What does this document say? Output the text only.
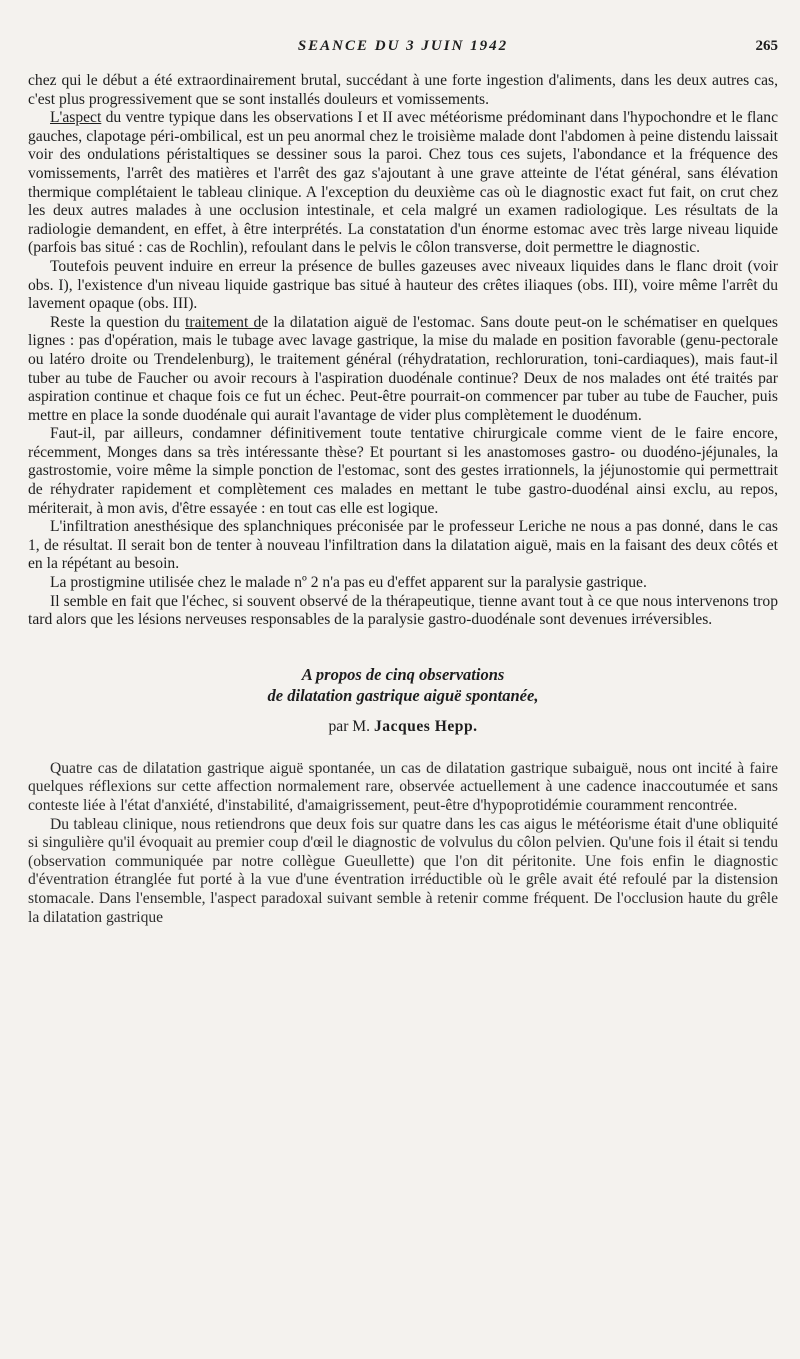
SEANCE DU 3 JUIN 1942	265

chez qui le début a été extraordinairement brutal, succédant à une forte ingestion d'aliments, dans les deux autres cas, c'est plus progressivement que se sont installés douleurs et vomissements.

L'aspect du ventre typique dans les observations I et II avec météorisme prédominant dans l'hypochondre et le flanc gauches, clapotage péri-ombilical, est un peu anormal chez le troisième malade dont l'abdomen à peine distendu laissait voir des ondulations péristaltiques se dessiner sous la paroi. Chez tous ces sujets, l'abondance et la fréquence des vomissements, l'arrêt des matières et l'arrêt des gaz s'ajoutant à une grave atteinte de l'état général, sans élévation thermique complétaient le tableau clinique. A l'exception du deuxième cas où le diagnostic exact fut fait, on crut chez les deux autres malades à une occlusion intestinale, et cela malgré un examen radiologique. Les résultats de la radiologie demandent, en effet, à être interprétés. La constatation d'un énorme estomac avec très large niveau liquide (parfois bas situé : cas de Rochlin), refoulant dans le pelvis le côlon transverse, doit permettre le diagnostic.

Toutefois peuvent induire en erreur la présence de bulles gazeuses avec niveaux liquides dans le flanc droit (voir obs. I), l'existence d'un niveau liquide gastrique bas situé à hauteur des crêtes iliaques (obs. III), voire même l'arrêt du lavement opaque (obs. III).

Reste la question du traitement de la dilatation aiguë de l'estomac. Sans doute peut-on le schématiser en quelques lignes : pas d'opération, mais le tubage avec lavage gastrique, la mise du malade en position favorable (genu-pectorale ou latéro droite ou Trendelenburg), le traitement général (réhydratation, rechloruration, toni-cardiaques), mais faut-il tuber au tube de Faucher ou avoir recours à l'aspiration duodénale continue? Deux de nos malades ont été traités par aspiration continue et chaque fois ce fut un échec. Peut-être pourrait-on commencer par tuber au tube de Faucher, puis mettre en place la sonde duodénale qui aurait l'avantage de vider plus complètement le duodénum.

Faut-il, par ailleurs, condamner définitivement toute tentative chirurgicale comme vient de le faire encore, récemment, Monges dans sa très intéressante thèse? Et pourtant si les anastomoses gastro- ou duodéno-jéjunales, la gastrostomie, voire même la simple ponction de l'estomac, sont des gestes irrationnels, la jéjunostomie qui permettrait de réhydrater rapidement et complètement ces malades en mettant le tube gastro-duodénal ainsi exclu, au repos, mériterait, à mon avis, d'être essayée : en tout cas elle est logique.

L'infiltration anesthésique des splanchniques préconisée par le professeur Leriche ne nous a pas donné, dans le cas 1, de résultat. Il serait bon de tenter à nouveau l'infiltration dans la dilatation aiguë, mais en la faisant des deux côtés et en la répétant au besoin.

La prostigmine utilisée chez le malade nº 2 n'a pas eu d'effet apparent sur la paralysie gastrique.

Il semble en fait que l'échec, si souvent observé de la thérapeutique, tienne avant tout à ce que nous intervenons trop tard alors que les lésions nerveuses responsables de la paralysie gastro-duodénale sont devenues irréversibles.

A propos de cinq observations
de dilatation gastrique aiguë spontanée,
par M. Jacques Hepp.

Quatre cas de dilatation gastrique aiguë spontanée, un cas de dilatation gastrique subaiguë, nous ont incité à faire quelques réflexions sur cette affection normalement rare, observée actuellement à une cadence inaccoutumée et sans conteste liée à l'état d'anxiété, d'instabilité, d'amaigrissement, peut-être d'hypoprotidémie couramment rencontrée.

Du tableau clinique, nous retiendrons que deux fois sur quatre dans les cas aigus le météorisme était d'une obliquité si singulière qu'il évoquait au premier coup d'œil le diagnostic de volvulus du côlon pelvien. Qu'une fois il était si tendu (observation communiquée par notre collègue Gueullette) que l'on dit péritonite. Une fois enfin le diagnostic d'éventration étranglée fut porté à la vue d'une éventration irréductible où le grêle avait été refoulé par la distension stomacale. Dans l'ensemble, l'aspect paradoxal suivant semble à retenir comme fréquent. De l'occlusion haute du grêle la dilatation gastrique
